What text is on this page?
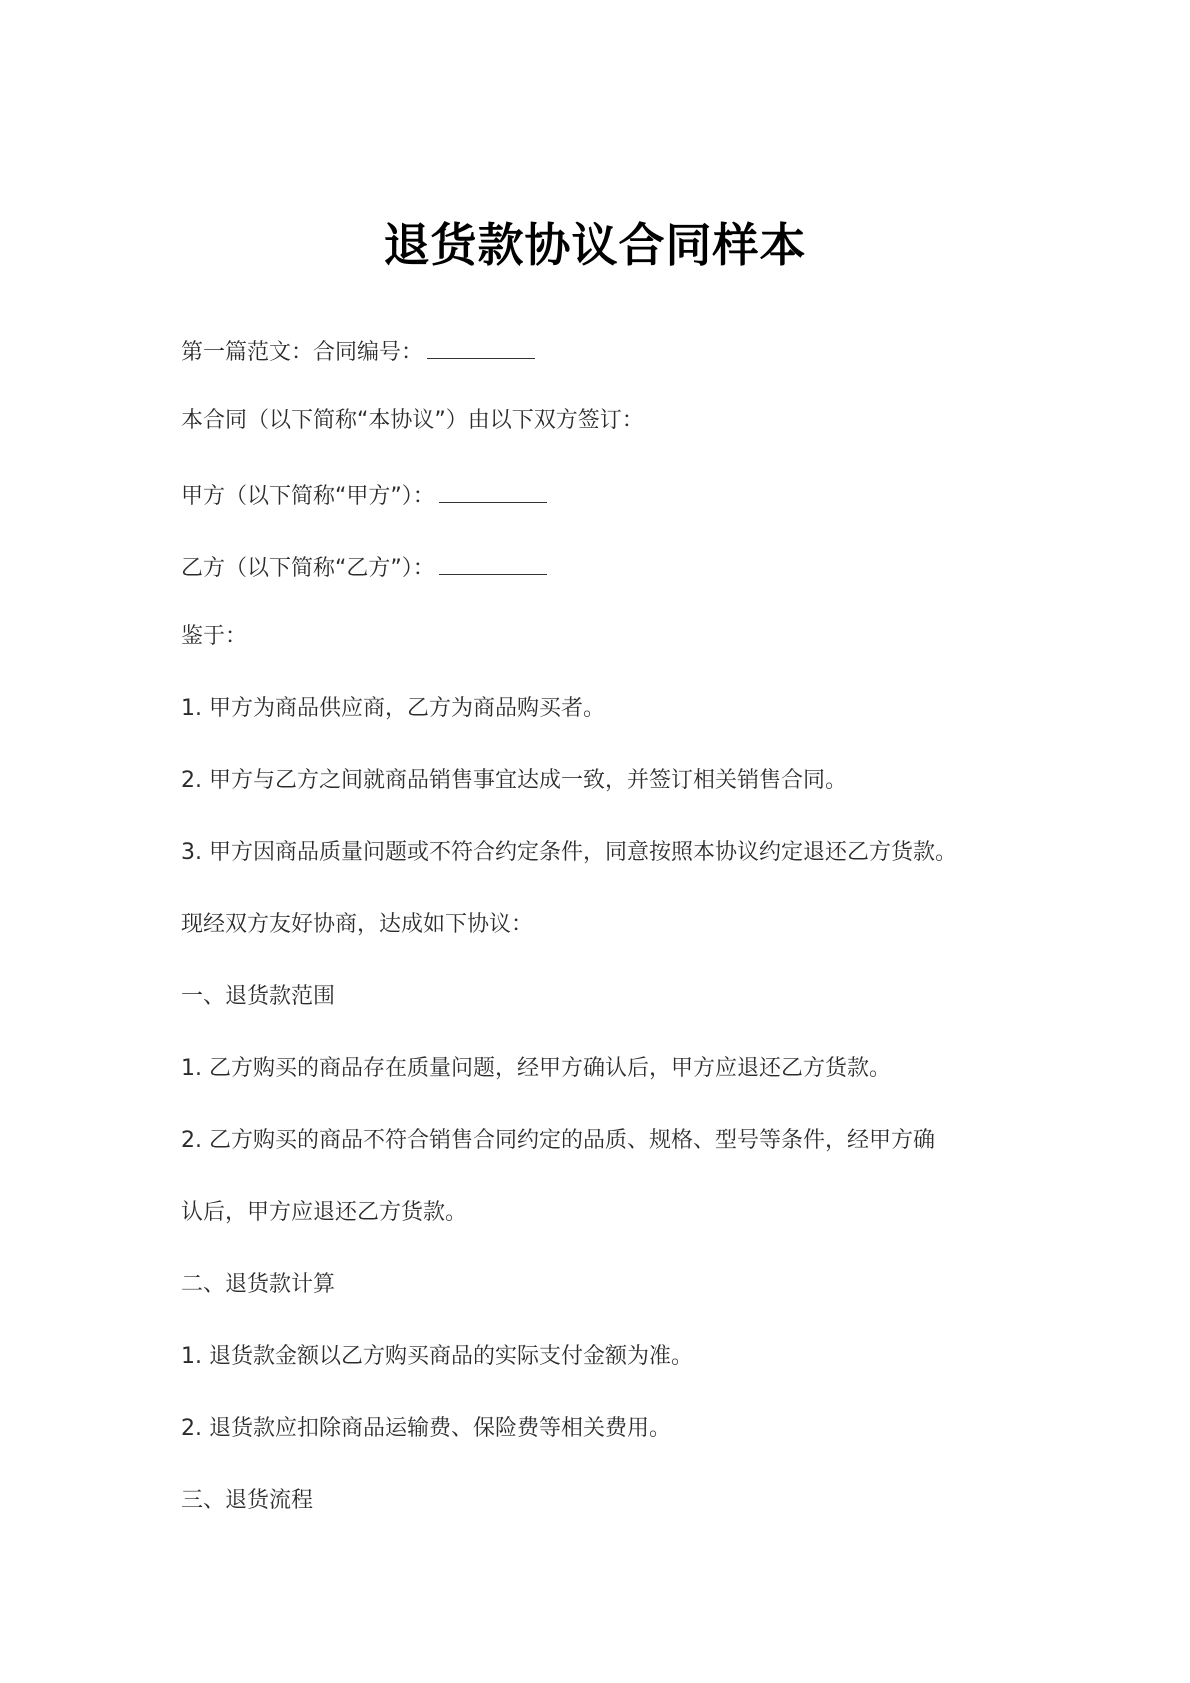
退货款协议合同样本
第一篇范文：合同编号：
本合同（以下简称“本协议”）由以下双方签订：
甲方（以下简称“甲方”）：
乙方（以下简称“乙方”）：
鉴于：
1. 甲方为商品供应商，乙方为商品购买者。
2. 甲方与乙方之间就商品销售事宜达成一致，并签订相关销售合同。
3. 甲方因商品质量问题或不符合约定条件，同意按照本协议约定退还乙方货款。
现经双方友好协商，达成如下协议：
一、退货款范围
1. 乙方购买的商品存在质量问题，经甲方确认后，甲方应退还乙方货款。
2. 乙方购买的商品不符合销售合同约定的品质、规格、型号等条件，经甲方确
认后，甲方应退还乙方货款。
二、退货款计算
1. 退货款金额以乙方购买商品的实际支付金额为准。
2. 退货款应扣除商品运输费、保险费等相关费用。
三、退货流程
